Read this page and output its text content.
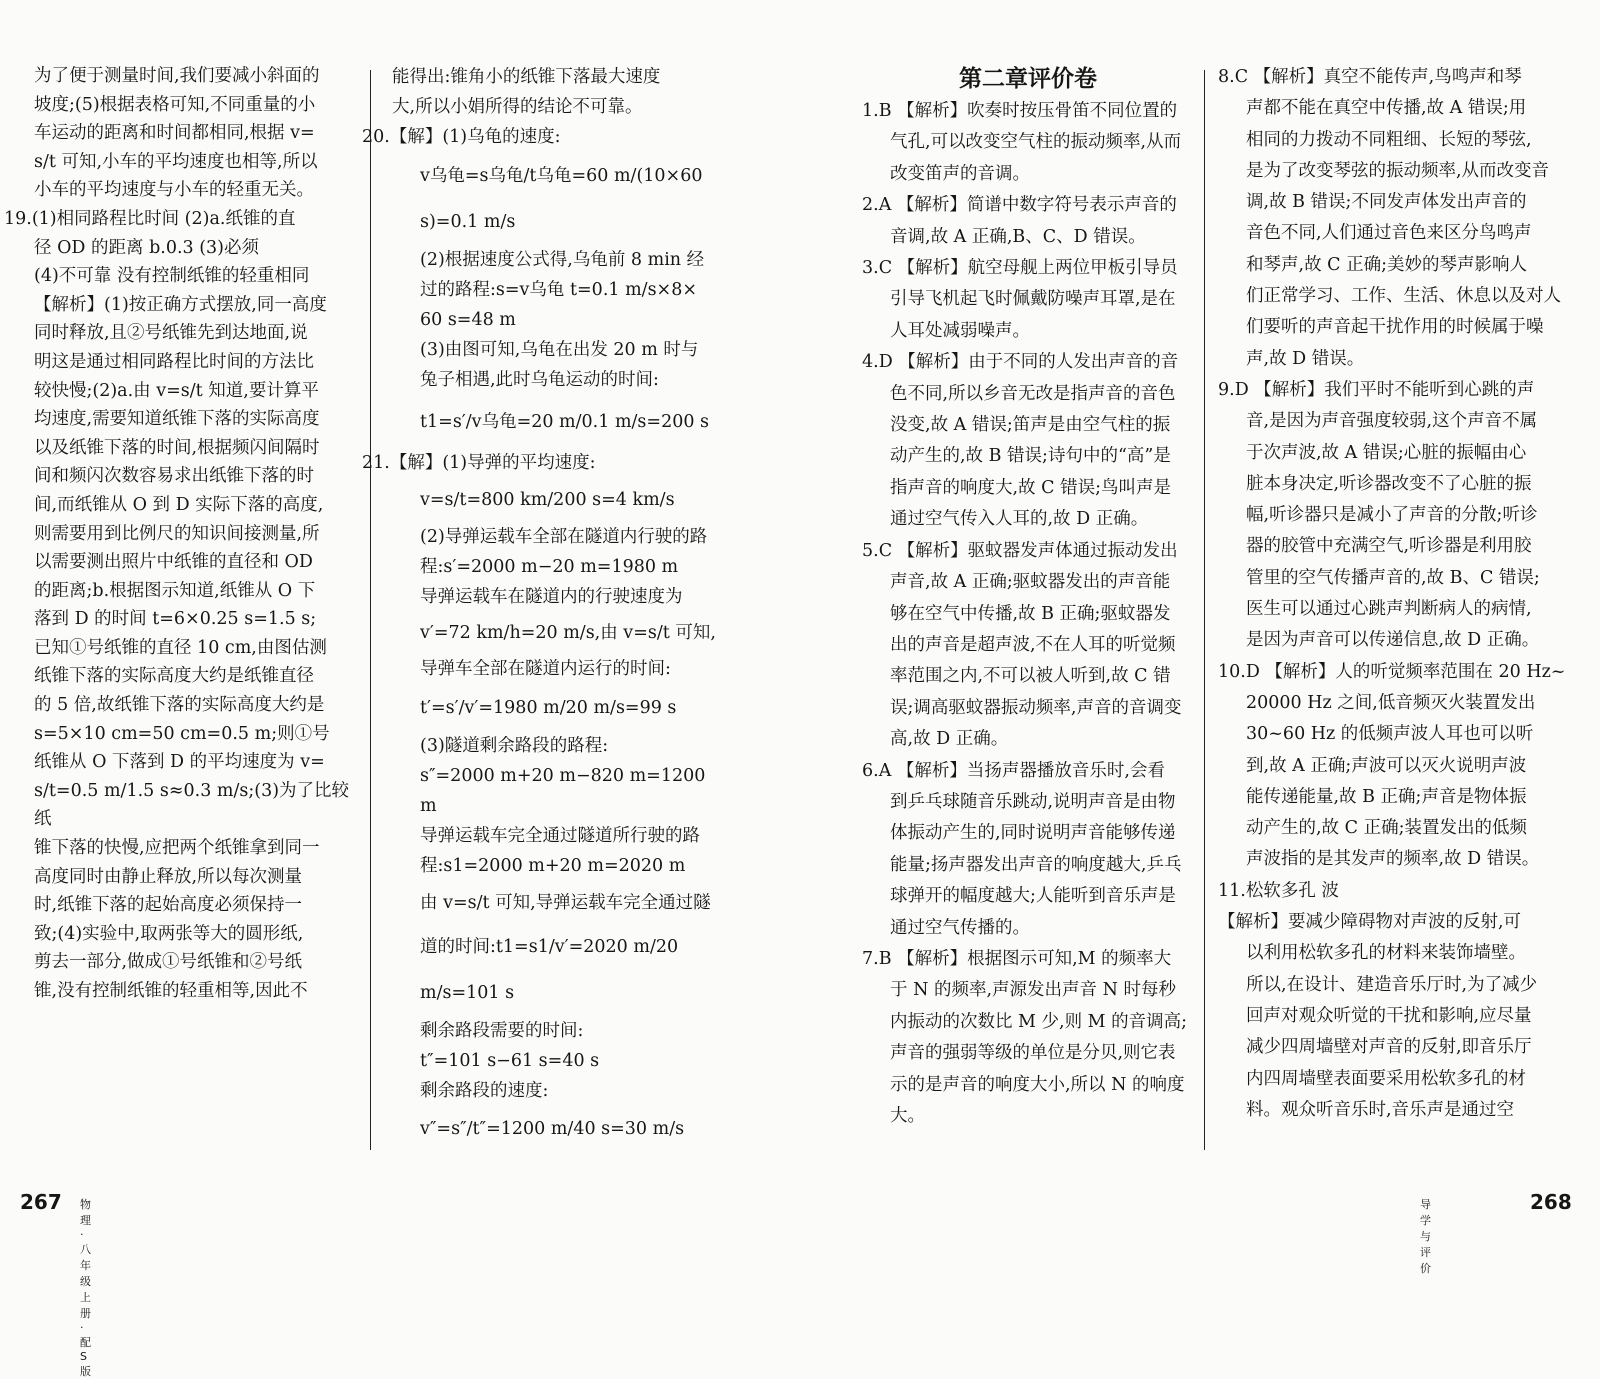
为了便于测量时间,我们要减小斜面的

坡度;(5)根据表格可知,不同重量的小

车运动的距离和时间都相同,根据 v=

s/t 可知,小车的平均速度也相等,所以

小车的平均速度与小车的轻重无关。

19.(1)相同路程比时间 (2)a.纸锥的直

径 OD 的距离 b.0.3 (3)必须

(4)不可靠 没有控制纸锥的轻重相同

【解析】(1)按正确方式摆放,同一高度

同时释放,且②号纸锥先到达地面,说

明这是通过相同路程比时间的方法比

较快慢;(2)a.由 v=s/t 知道,要计算平

均速度,需要知道纸锥下落的实际高度

以及纸锥下落的时间,根据频闪间隔时

间和频闪次数容易求出纸锥下落的时

间,而纸锥从 O 到 D 实际下落的高度,

则需要用到比例尺的知识间接测量,所

以需要测出照片中纸锥的直径和 OD

的距离;b.根据图示知道,纸锥从 O 下

落到 D 的时间 t=6×0.25 s=1.5 s;

已知①号纸锥的直径 10 cm,由图估测

纸锥下落的实际高度大约是纸锥直径

的 5 倍,故纸锥下落的实际高度大约是

s=5×10 cm=50 cm=0.5 m;则①号

纸锥从 O 下落到 D 的平均速度为 v=

s/t=0.5 m/1.5 s≈0.3 m/s;(3)为了比较纸

锥下落的快慢,应把两个纸锥拿到同一

高度同时由静止释放,所以每次测量

时,纸锥下落的起始高度必须保持一

致;(4)实验中,取两张等大的圆形纸,

剪去一部分,做成①号纸锥和②号纸

锥,没有控制纸锥的轻重相等,因此不

能得出:锥角小的纸锥下落最大速度

大,所以小娟所得的结论不可靠。

20.【解】(1)乌龟的速度:

v乌龟=s乌龟/t乌龟=60 m/(10×60 s)=0.1 m/s

(2)根据速度公式得,乌龟前 8 min 经

过的路程:s=v乌龟 t=0.1 m/s×8×

60 s=48 m

(3)由图可知,乌龟在出发 20 m 时与

兔子相遇,此时乌龟运动的时间:

t1=s′/v乌龟=20 m/0.1 m/s=200 s

21.【解】(1)导弹的平均速度:

v=s/t=800 km/200 s=4 km/s

(2)导弹运载车全部在隧道内行驶的路

程:s′=2000 m−20 m=1980 m

导弹运载车在隧道内的行驶速度为

v′=72 km/h=20 m/s,由 v=s/t 可知,

导弹车全部在隧道内运行的时间:

t′=s′/v′=1980 m/20 m/s=99 s

(3)隧道剩余路段的路程:

s″=2000 m+20 m−820 m=1200 m

导弹运载车完全通过隧道所行驶的路

程:s1=2000 m+20 m=2020 m

由 v=s/t 可知,导弹运载车完全通过隧

道的时间:t1=s1/v′=2020 m/20 m/s=101 s

剩余路段需要的时间:

t″=101 s−61 s=40 s

剩余路段的速度:

v″=s″/t″=1200 m/40 s=30 m/s

267 物理·八年级上册·配S版

第二章评价卷

1.B 【解析】吹奏时按压骨笛不同位置的

气孔,可以改变空气柱的振动频率,从而

改变笛声的音调。

2.A 【解析】简谱中数字符号表示声音的

音调,故 A 正确,B、C、D 错误。

3.C 【解析】航空母舰上两位甲板引导员

引导飞机起飞时佩戴防噪声耳罩,是在

人耳处减弱噪声。

4.D 【解析】由于不同的人发出声音的音

色不同,所以乡音无改是指声音的音色

没变,故 A 错误;笛声是由空气柱的振

动产生的,故 B 错误;诗句中的“高”是

指声音的响度大,故 C 错误;鸟叫声是

通过空气传入人耳的,故 D 正确。

5.C 【解析】驱蚊器发声体通过振动发出

声音,故 A 正确;驱蚊器发出的声音能

够在空气中传播,故 B 正确;驱蚊器发

出的声音是超声波,不在人耳的听觉频

率范围之内,不可以被人听到,故 C 错

误;调高驱蚊器振动频率,声音的音调变

高,故 D 正确。

6.A 【解析】当扬声器播放音乐时,会看

到乒乓球随音乐跳动,说明声音是由物

体振动产生的,同时说明声音能够传递

能量;扬声器发出声音的响度越大,乒乓

球弹开的幅度越大;人能听到音乐声是

通过空气传播的。

7.B 【解析】根据图示可知,M 的频率大

于 N 的频率,声源发出声音 N 时每秒

内振动的次数比 M 少,则 M 的音调高;

声音的强弱等级的单位是分贝,则它表

示的是声音的响度大小,所以 N 的响度

大。

8.C 【解析】真空不能传声,鸟鸣声和琴

声都不能在真空中传播,故 A 错误;用

相同的力拨动不同粗细、长短的琴弦,

是为了改变琴弦的振动频率,从而改变音

调,故 B 错误;不同发声体发出声音的

音色不同,人们通过音色来区分鸟鸣声

和琴声,故 C 正确;美妙的琴声影响人

们正常学习、工作、生活、休息以及对人

们要听的声音起干扰作用的时候属于噪

声,故 D 错误。

9.D 【解析】我们平时不能听到心跳的声

音,是因为声音强度较弱,这个声音不属

于次声波,故 A 错误;心脏的振幅由心

脏本身决定,听诊器改变不了心脏的振

幅,听诊器只是减小了声音的分散;听诊

器的胶管中充满空气,听诊器是利用胶

管里的空气传播声音的,故 B、C 错误;

医生可以通过心跳声判断病人的病情,

是因为声音可以传递信息,故 D 正确。

10.D 【解析】人的听觉频率范围在 20 Hz~

20000 Hz 之间,低音频灭火装置发出

30~60 Hz 的低频声波人耳也可以听

到,故 A 正确;声波可以灭火说明声波

能传递能量,故 B 正确;声音是物体振

动产生的,故 C 正确;装置发出的低频

声波指的是其发声的频率,故 D 错误。

11.松软多孔 波

【解析】要减少障碍物对声波的反射,可

以利用松软多孔的材料来装饰墙壁。

所以,在设计、建造音乐厅时,为了减少

回声对观众听觉的干扰和影响,应尽量

减少四周墙壁对声音的反射,即音乐厅

内四周墙壁表面要采用松软多孔的材

料。观众听音乐时,音乐声是通过空

导学与评价
268
